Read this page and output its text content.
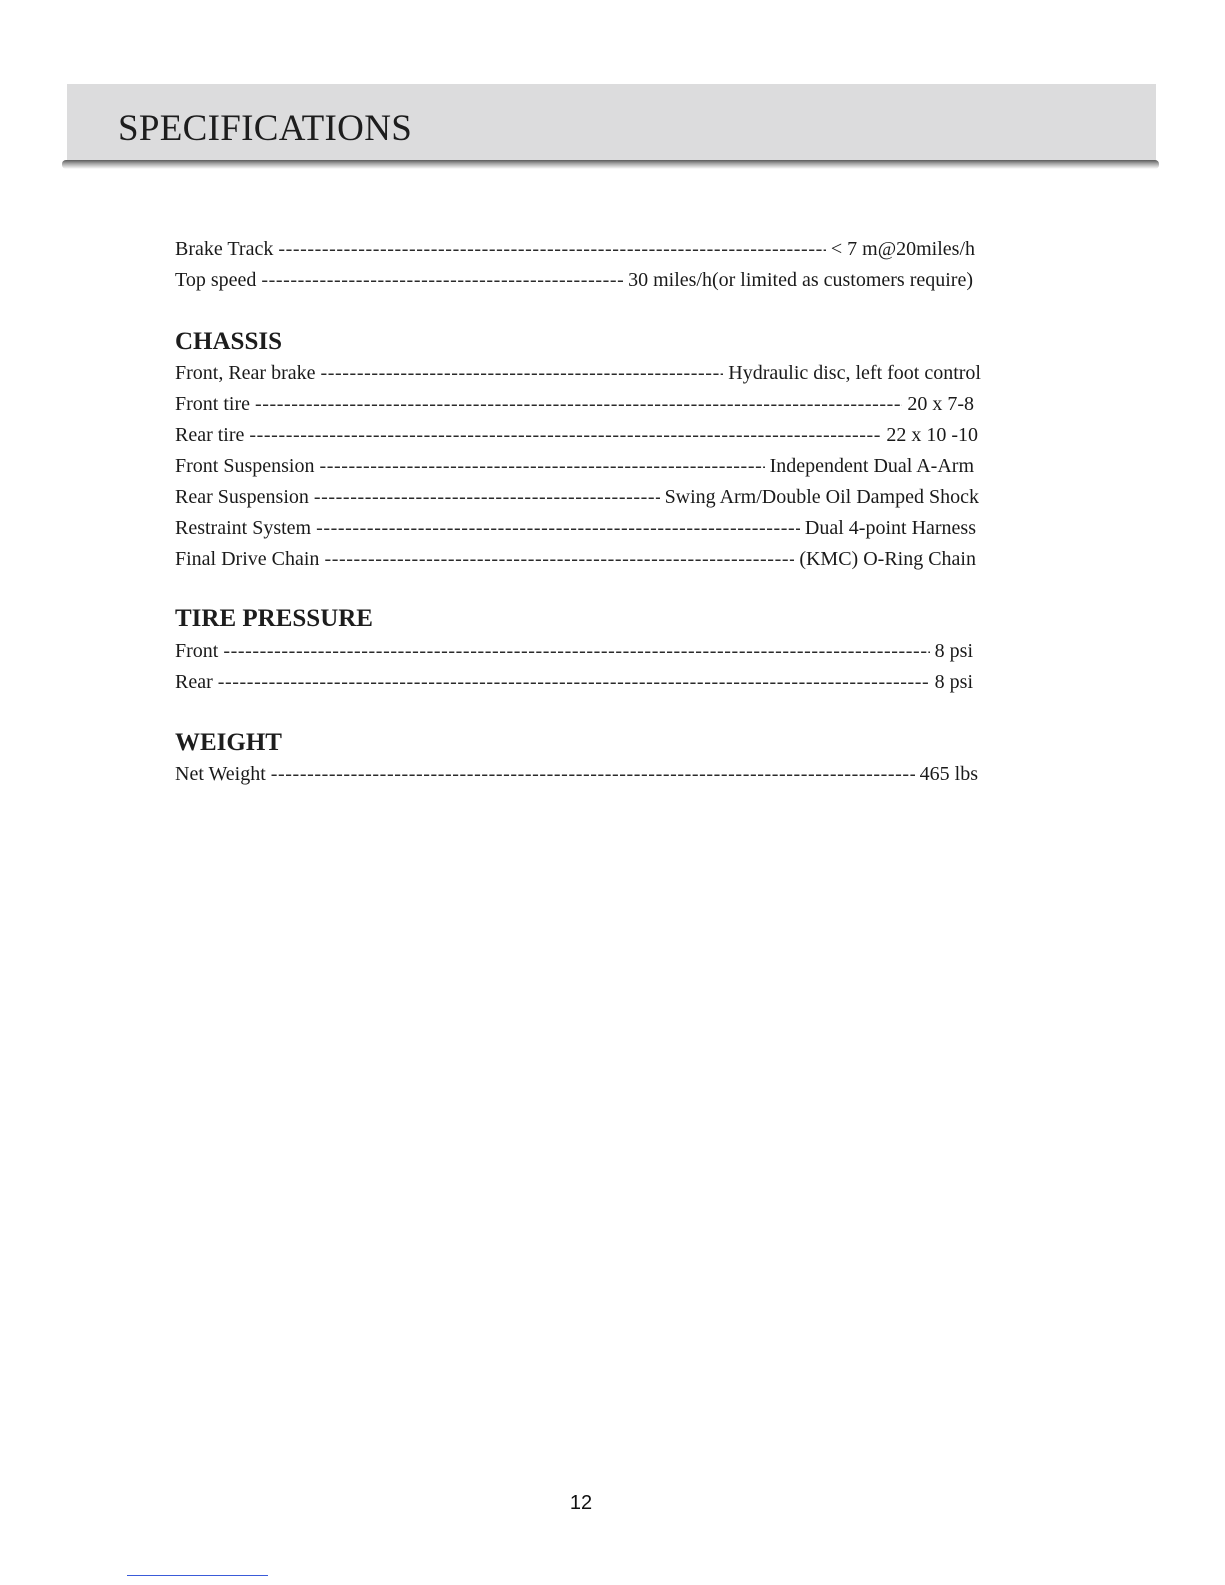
SPECIFICATIONS
Brake Track -----	< 7 m@20miles/h
Top speed -----	30 miles/h(or limited as customers require)
CHASSIS
Front, Rear brake -----	Hydraulic disc, left foot control
Front tire -----	20 x 7-8
Rear tire -----	22 x 10 -10
Front Suspension -----	Independent Dual A-Arm
Rear Suspension -----	Swing Arm/Double Oil Damped Shock
Restraint System -----	Dual 4-point Harness
Final Drive Chain -----	(KMC) O-Ring Chain
TIRE PRESSURE
Front -----	8 psi
Rear -----	8 psi
WEIGHT
Net Weight -----	465 lbs
12
